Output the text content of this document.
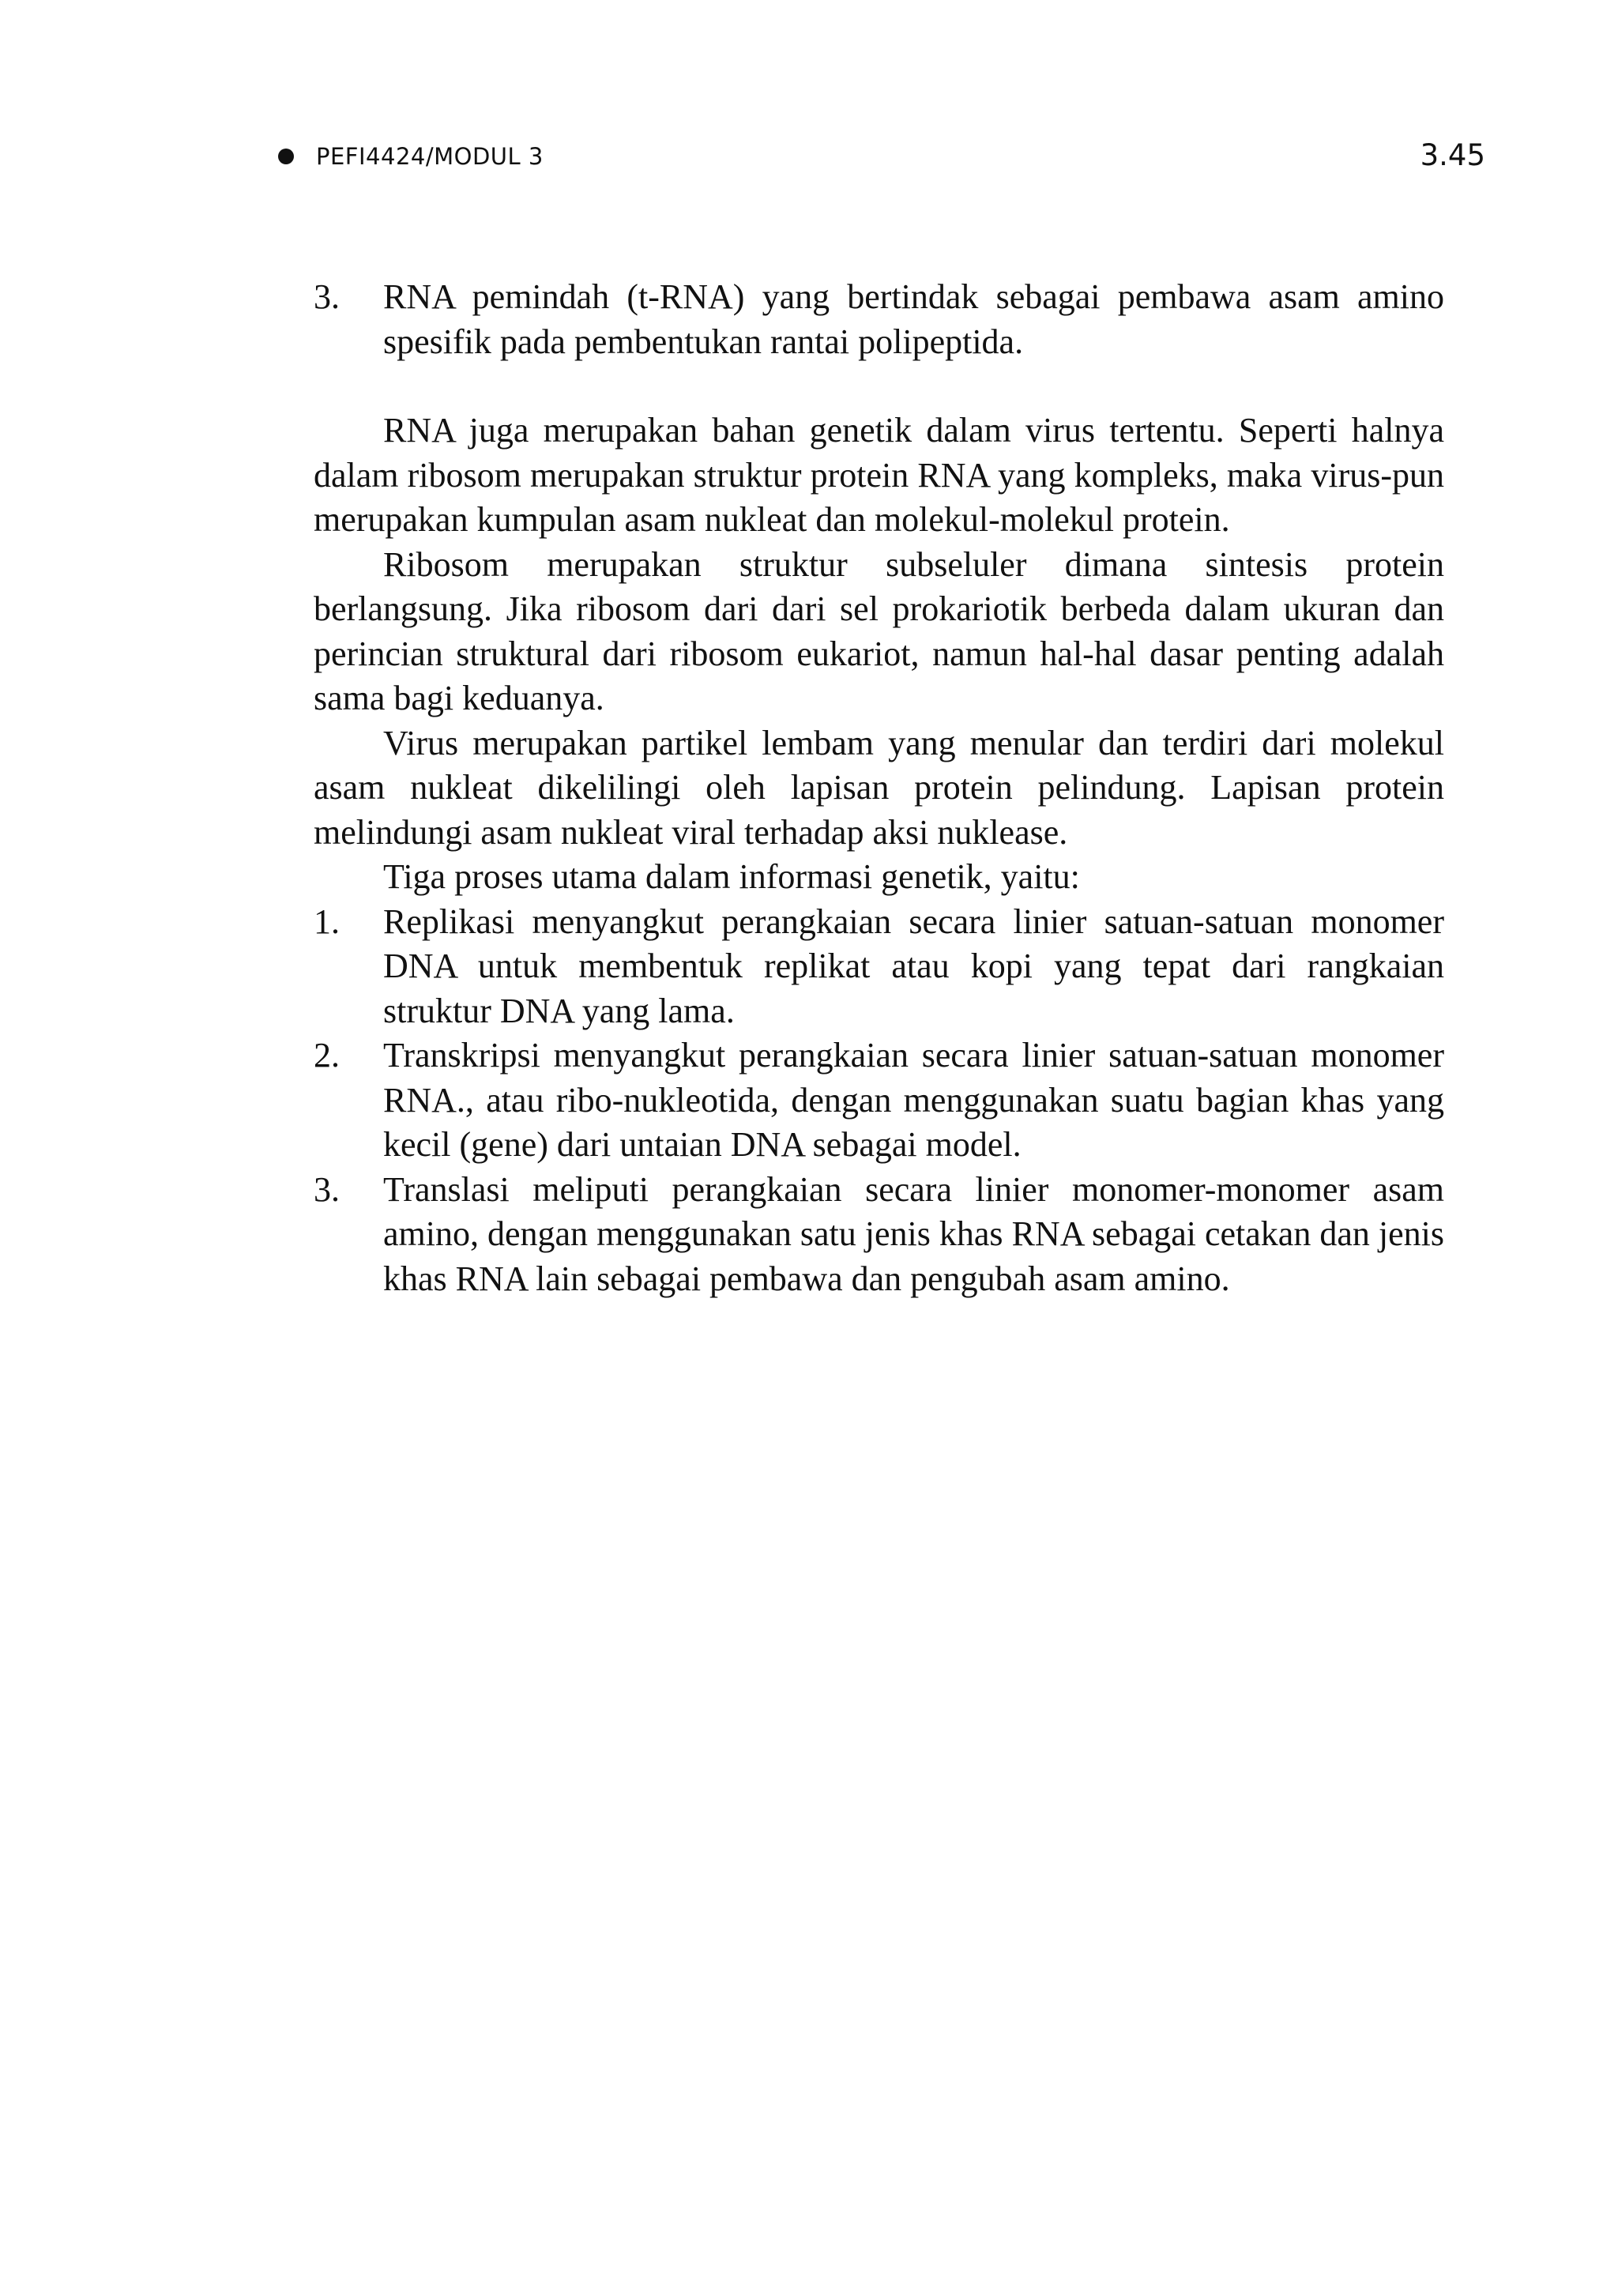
PEFI4424/MODUL 3	3.45
3. RNA pemindah (t-RNA) yang bertindak sebagai pembawa asam amino spesifik pada pembentukan rantai polipeptida.

RNA juga merupakan bahan genetik dalam virus tertentu. Seperti halnya dalam ribosom merupakan struktur protein RNA yang kompleks, maka virus-pun merupakan kumpulan asam nukleat dan molekul-molekul protein.

Ribosom merupakan struktur subseluler dimana sintesis protein berlangsung. Jika ribosom dari dari sel prokariotik berbeda dalam ukuran dan perincian struktural dari ribosom eukariot, namun hal-hal dasar penting adalah sama bagi keduanya.

Virus merupakan partikel lembam yang menular dan terdiri dari molekul asam nukleat dikelilingi oleh lapisan protein pelindung. Lapisan protein melindungi asam nukleat viral terhadap aksi nuklease.

Tiga proses utama dalam informasi genetik, yaitu:

1. Replikasi menyangkut perangkaian secara linier satuan-satuan monomer DNA untuk membentuk replikat atau kopi yang tepat dari rangkaian struktur DNA yang lama.
2. Transkripsi menyangkut perangkaian secara linier satuan-satuan monomer RNA., atau ribo-nukleotida, dengan menggunakan suatu bagian khas yang kecil (gene) dari untaian DNA sebagai model.
3. Translasi meliputi perangkaian secara linier monomer-monomer asam amino, dengan menggunakan satu jenis khas RNA sebagai cetakan dan jenis khas RNA lain sebagai pembawa dan pengubah asam amino.
